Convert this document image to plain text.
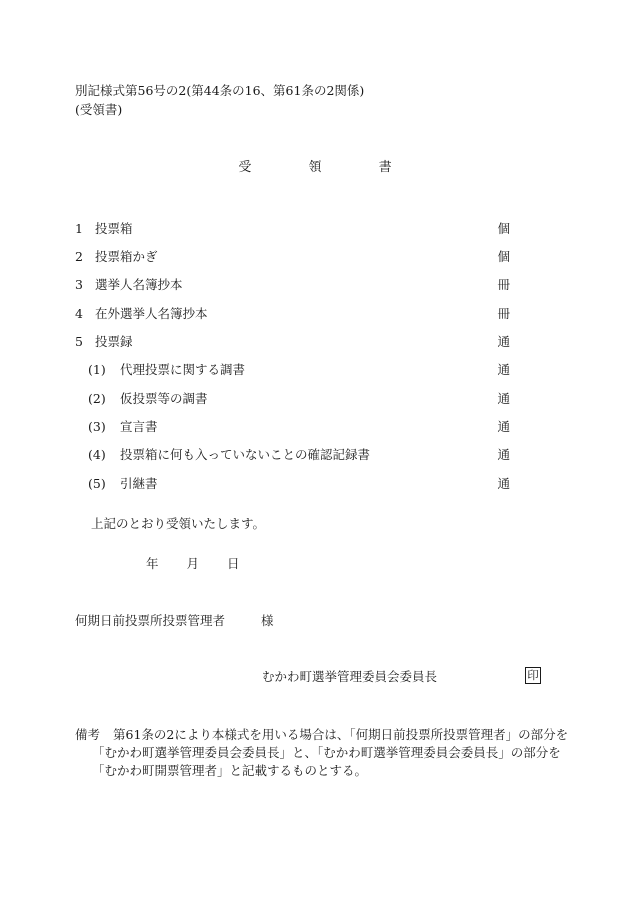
別記様式第56号の2(第44条の16、第61条の2関係)
(受領書)
受	領	書
1 投票箱	個
2 投票箱かぎ	個
3 選挙人名簿抄本	冊
4 在外選挙人名簿抄本	冊
5 投票録	通
(1) 代理投票に関する調書	通
(2) 仮投票等の調書	通
(3) 宣言書	通
(4) 投票箱に何も入っていないことの確認記録書	通
(5) 引継書	通
上記のとおり受領いたします。
年 月 日
何期日前投票所投票管理者	様
むかわ町選挙管理委員会委員長	印
備考 第61条の2により本様式を用いる場合は、「何期日前投票所投票管理者」の部分を
「むかわ町選挙管理委員会委員長」と、「むかわ町選挙管理委員会委員長」の部分を
「むかわ町開票管理者」と記載するものとする。
